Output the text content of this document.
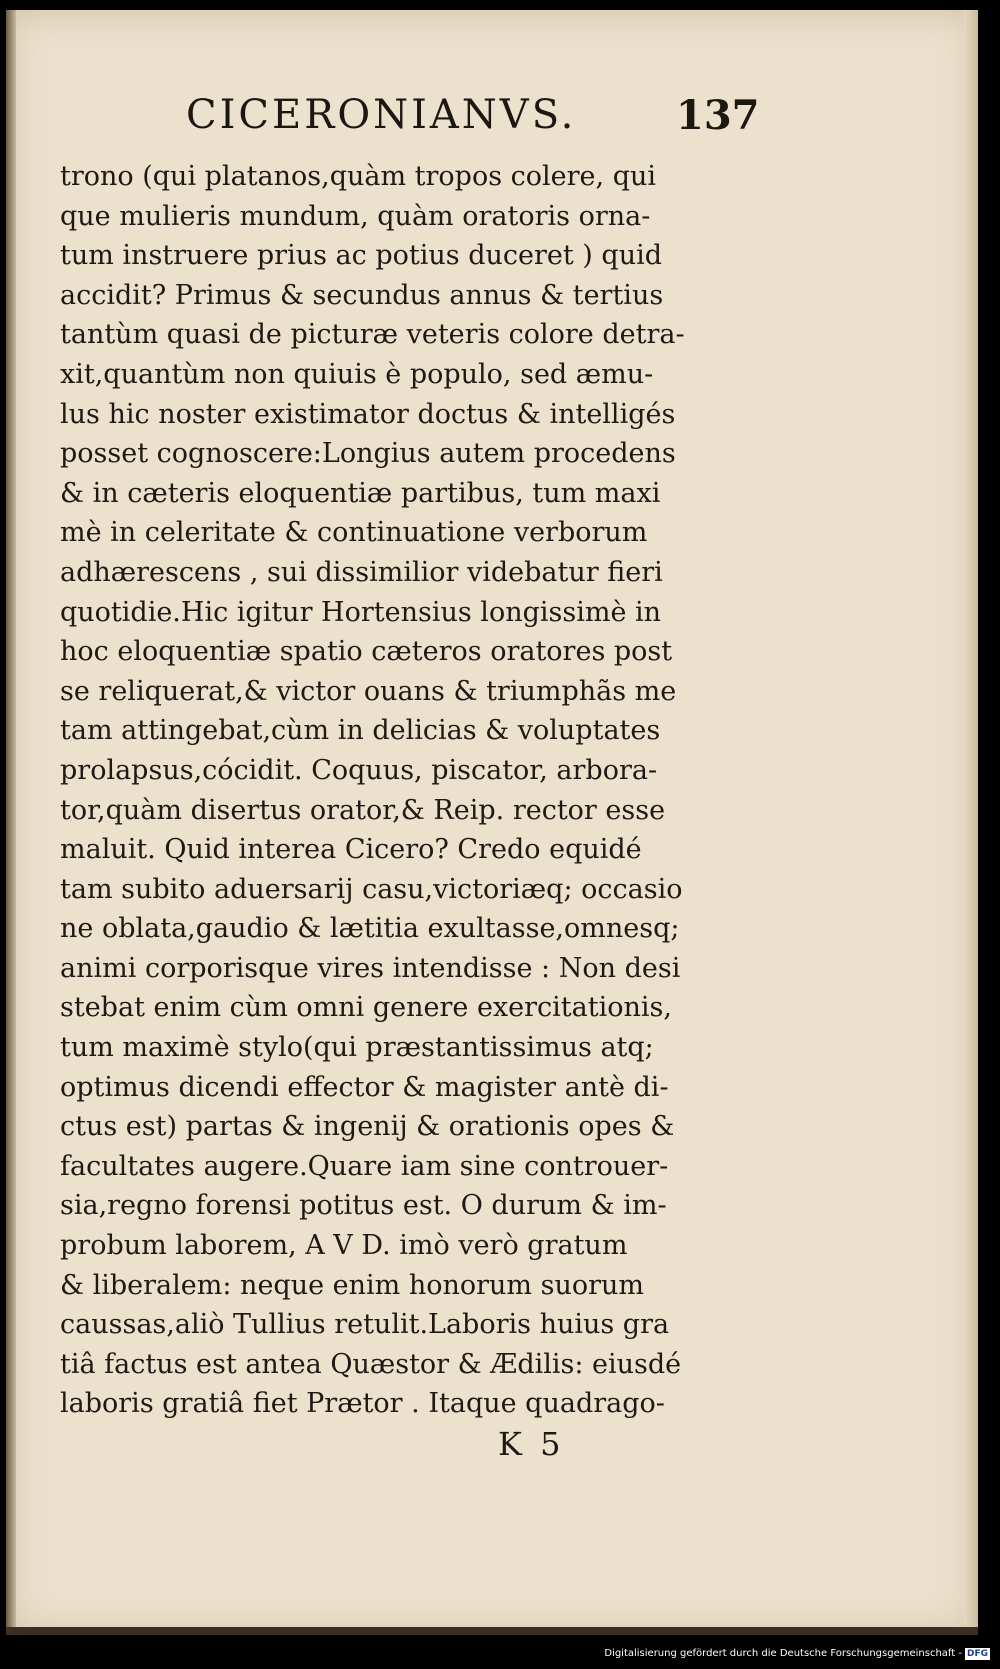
CICERONIANVS. 137
trono (qui platanos,quàm tropos colere, qui
que mulieris mundum, quàm oratoris orna-
tum instruere prius ac potius duceret ) quid
accidit? Primus & secundus annus & tertius
tantùm quasi de picturæ veteris colore detra-
xit,quantùm non quiuis è populo, sed æmu-
lus hic noster existimator doctus & intelligés
posset cognoscere:Longius autem procedens
& in cæteris eloquentiæ partibus, tum maxi
mè in celeritate & continuatione verborum
adhærescens , sui dissimilior videbatur fieri
quotidie.Hic igitur Hortensius longissimè in
hoc eloquentiæ spatio cæteros oratores post
se reliquerat,& victor ouans & triumphãs me
tam attingebat,cùm in delicias & voluptates
prolapsus,cócidit. Coquus, piscator, arbora-
tor,quàm disertus orator,& Reip. rector esse
maluit. Quid interea Cicero? Credo equidé
tam subito aduersarij casu,victoriæq; occasio
ne oblata,gaudio & lætitia exultasse,omnesq;
animi corporisque vires intendisse : Non desi
stebat enim cùm omni genere exercitationis,
tum maximè stylo(qui præstantissimus atq;
optimus dicendi effector & magister antè di-
ctus est) partas & ingenij & orationis opes &
facultates augere.Quare iam sine controuer-
sia,regno forensi potitus est. O durum & im-
probum laborem, A V D. imò verò gratum
& liberalem: neque enim honorum suorum
caussas,aliò Tullius retulit.Laboris huius gra
tiâ factus est antea Quæstor & Ædilis: eiusdé
laboris gratiâ fiet Prætor . Itaque quadrago-
K 5
Digitalisierung gefördert durch die Deutsche Forschungsgemeinschaft - DFG
